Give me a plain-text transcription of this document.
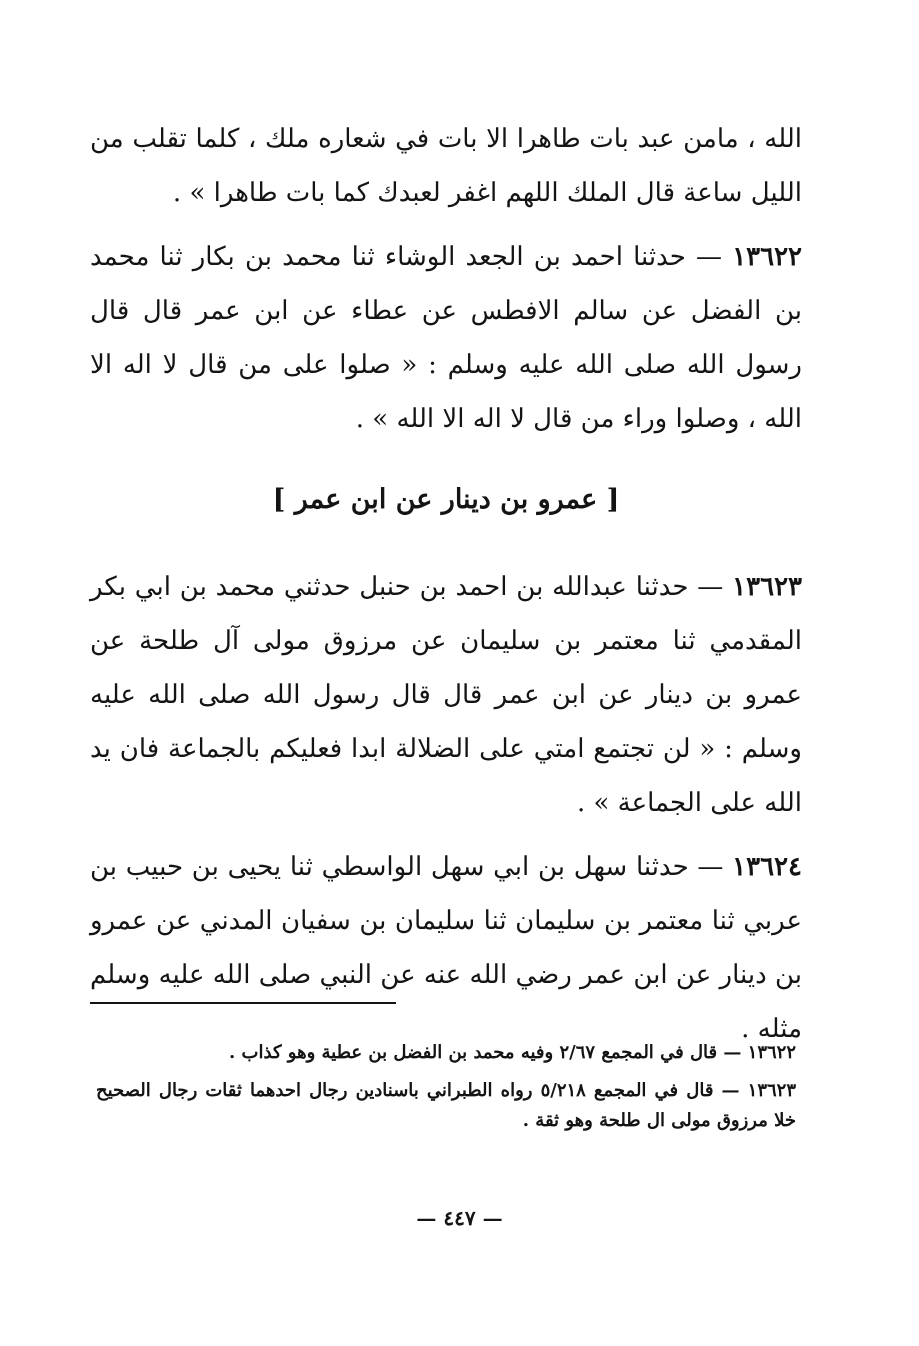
الله ، مامن عبد بات طاهرا الا بات في شعاره ملك ، كلما تقلب من الليل ساعة قال الملك اللهم اغفر لعبدك كما بات طاهرا » .

١٣٦٢٢ — حدثنا احمد بن الجعد الوشاء ثنا محمد بن بكار ثنا محمد بن الفضل عن سالم الافطس عن عطاء عن ابن عمر قال قال رسول الله صلى الله عليه وسلم : « صلوا على من قال لا اله الا الله ، وصلوا وراء من قال لا اله الا الله » .

[ عمرو بن دينار عن ابن عمر ]

١٣٦٢٣ — حدثنا عبدالله بن احمد بن حنبل حدثني محمد بن ابي بكر المقدمي ثنا معتمر بن سليمان عن مرزوق مولى آل طلحة عن عمرو بن دينار عن ابن عمر قال قال رسول الله صلى الله عليه وسلم : « لن تجتمع امتي على الضلالة ابدا فعليكم بالجماعة فان يد الله على الجماعة » .

١٣٦٢٤ — حدثنا سهل بن ابي سهل الواسطي ثنا يحيى بن حبيب بن عربي ثنا معتمر بن سليمان ثنا سليمان بن سفيان المدني عن عمرو بن دينار عن ابن عمر رضي الله عنه عن النبي صلى الله عليه وسلم مثله .

١٣٦٢٢ — قال في المجمع ٢/٦٧ وفيه محمد بن الفضل بن عطية وهو كذاب .

١٣٦٢٣ — قال في المجمع ٥/٢١٨ رواه الطبراني باسنادين رجال احدهما ثقات رجال الصحيح خلا مرزوق مولى ال طلحة وهو ثقة .

— ٤٤٧ —
